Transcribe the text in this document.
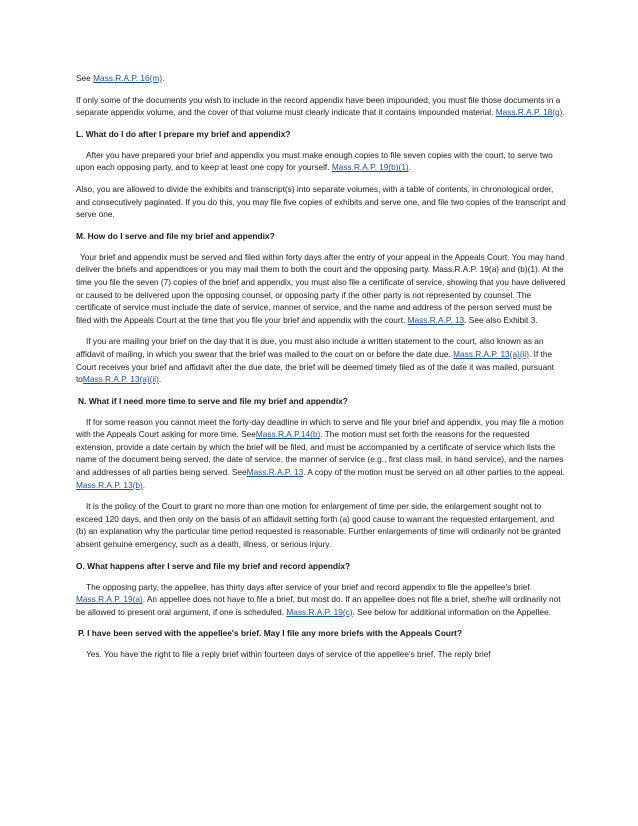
See Mass.R.A.P. 16(m).

If only some of the documents you wish to include in the record appendix have been impounded, you must file those documents in a separate appendix volume, and the cover of that volume must clearly indicate that it contains impounded material. Mass.R.A.P. 18(g).

L. What do I do after I prepare my brief and appendix?

After you have prepared your brief and appendix you must make enough copies to file seven copies with the court, to serve two upon each opposing party, and to keep at least one copy for yourself. Mass.R.A.P. 19(b)(1).

Also, you are allowed to divide the exhibits and transcript(s) into separate volumes, with a table of contents, in chronological order, and consecutively paginated. If you do this, you may file five copies of exhibits and serve one, and file two copies of the transcript and serve one.

M. How do I serve and file my brief and appendix?

Your brief and appendix must be served and filed within forty days after the entry of your appeal in the Appeals Court. You may hand deliver the briefs and appendices or you may mail them to both the court and the opposing party. Mass.R.A.P. 19(a) and (b)(1). At the time you file the seven (7) copies of the brief and appendix, you must also file a certificate of service, showing that you have delivered or caused to be delivered upon the opposing counsel, or opposing party if the other party is not represented by counsel. The certificate of service must include the date of service, manner of service, and the name and address of the person served must be filed with the Appeals Court at the time that you file your brief and appendix with the court. Mass.R.A.P. 13. See also Exhibit 3.

If you are mailing your brief on the day that it is due, you must also include a written statement to the court, also known as an affidavit of mailing, in which you swear that the brief was mailed to the court on or before the date due. Mass.R.A.P. 13(a)(ii). If the Court receives your brief and affidavit after the due date, the brief will be deemed timely filed as of the date it was mailed, pursuant toMass.R.A.P. 13(a)(ii).

N. What if I need more time to serve and file my brief and appendix?

If for some reason you cannot meet the forty-day deadline in which to serve and file your brief and appendix, you may file a motion with the Appeals Court asking for more time. SeeMass.R.A.P.14(b). The motion must set forth the reasons for the requested extension, provide a date certain by which the brief will be filed, and must be accompanied by a certificate of service which lists the name of the document being served, the date of service, the manner of service (e.g., first class mail, in hand service), and the names and addresses of all parties being served. SeeMass.R.A.P. 13. A copy of the motion must be served on all other parties to the appeal. Mass.R.A.P. 13(b).

It is the policy of the Court to grant no more than one motion for enlargement of time per side, the enlargement sought not to exceed 120 days, and then only on the basis of an affidavit setting forth (a) good cause to warrant the requested enlargement, and (b) an explanation why the particular time period requested is reasonable. Further enlargements of time will ordinarily not be granted absent genuine emergency, such as a death, illness, or serious injury.

O. What happens after I serve and file my brief and record appendix?

The opposing party, the appellee, has thirty days after service of your brief and record appendix to file the appellee's brief. Mass.R.A.P. 19(a). An appellee does not have to file a brief, but most do. If an appellee does not file a brief, she/he will ordinarily not be allowed to present oral argument, if one is scheduled. Mass.R.A.P. 19(c). See below for additional information on the Appellee.

P. I have been served with the appellee's brief. May I file any more briefs with the Appeals Court?

Yes. You have the right to file a reply brief within fourteen days of service of the appellee's brief. The reply brief
